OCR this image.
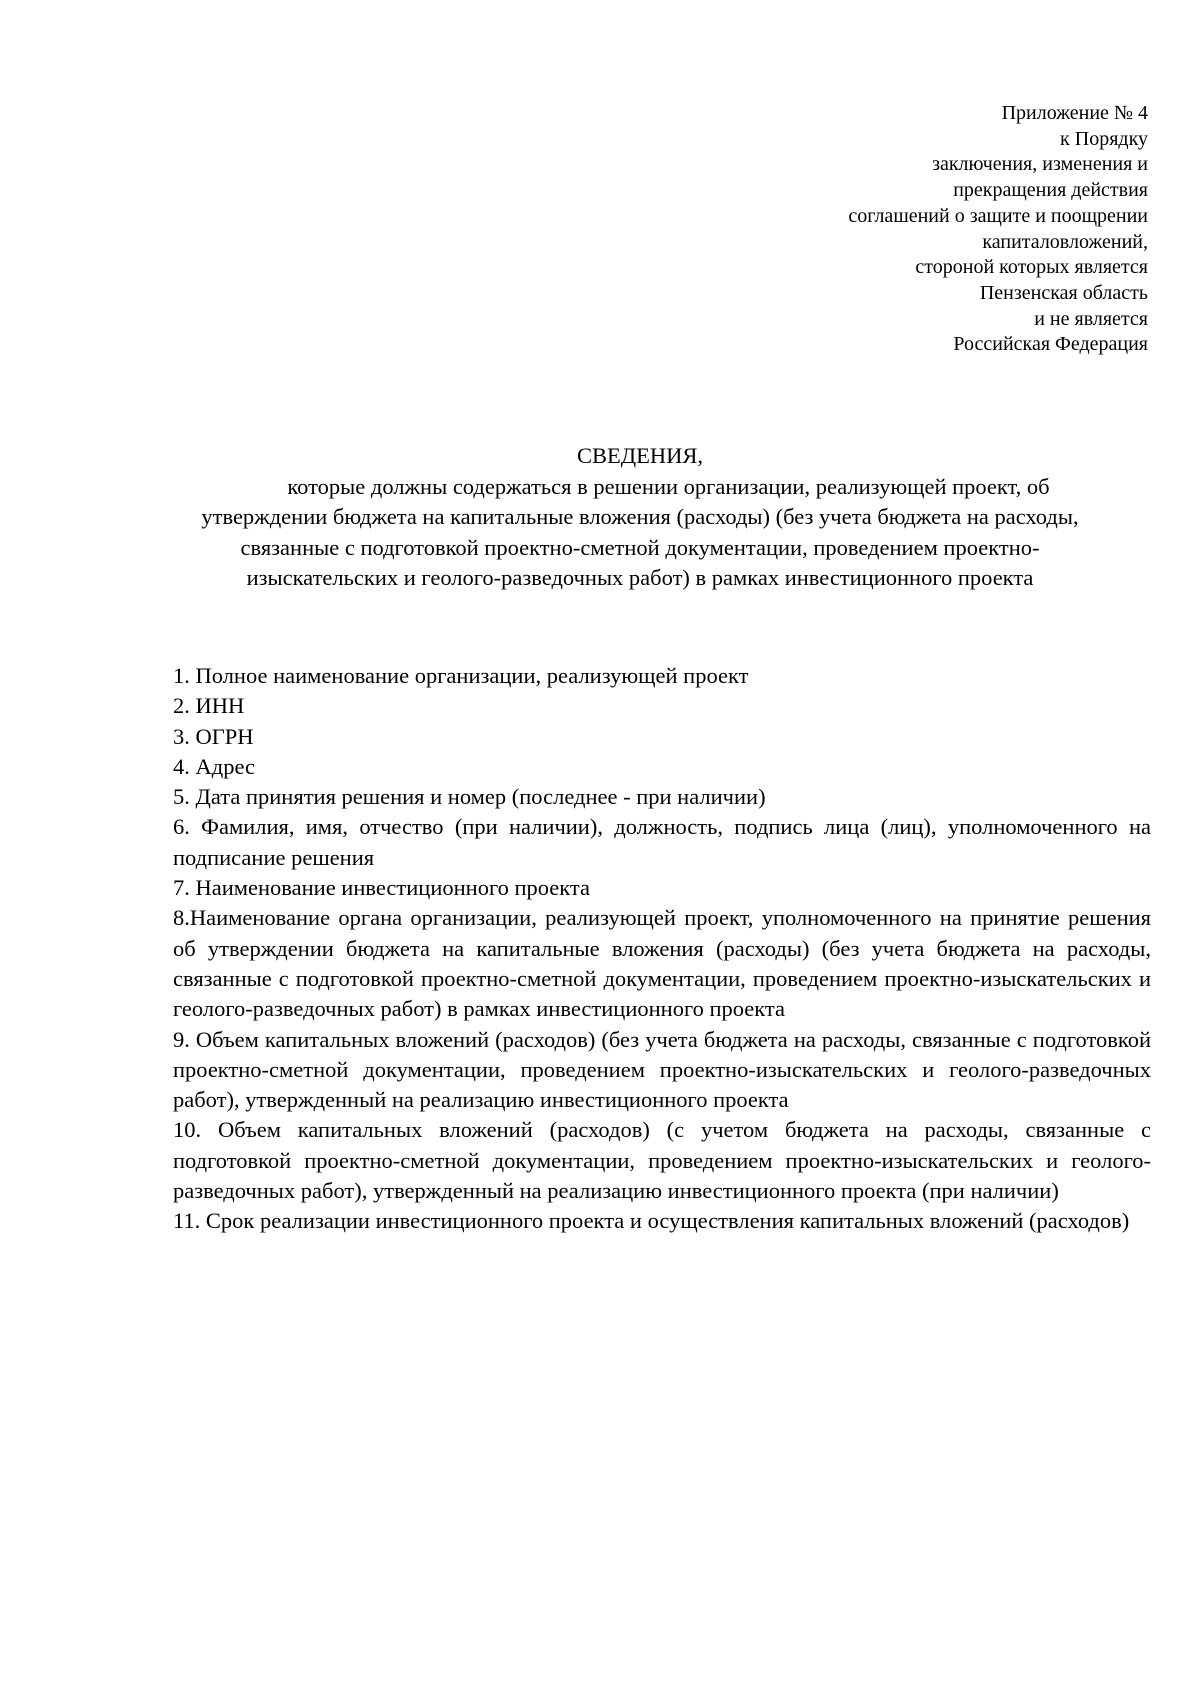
Приложение № 4
к Порядку
заключения, изменения и
прекращения действия
соглашений о защите и поощрении
капиталовложений,
стороной которых является
Пензенская область
и не является
Российская Федерация
СВЕДЕНИЯ,
которые должны содержаться в решении организации, реализующей проект, об утверждении бюджета на капитальные вложения (расходы) (без учета бюджета на расходы, связанные с подготовкой проектно-сметной документации, проведением проектно-изыскательских и геолого-разведочных работ) в рамках инвестиционного проекта

1. Полное наименование организации, реализующей проект

2. ИНН

3. ОГРН

4. Адрес

5. Дата принятия решения и номер (последнее - при наличии)

6. Фамилия, имя, отчество (при наличии), должность, подпись лица (лиц), уполномоченного на подписание решения

7. Наименование инвестиционного проекта

8.Наименование органа организации, реализующей проект, уполномоченного на принятие решения об утверждении бюджета на капитальные вложения (расходы) (без учета бюджета на расходы, связанные с подготовкой проектно-сметной документации, проведением проектно-изыскательских и геолого-разведочных работ) в рамках инвестиционного проекта

9. Объем капитальных вложений (расходов) (без учета бюджета на расходы, связанные с подготовкой проектно-сметной документации, проведением проектно-изыскательских и геолого-разведочных работ), утвержденный на реализацию инвестиционного проекта

10. Объем капитальных вложений (расходов) (с учетом бюджета на расходы, связанные с подготовкой проектно-сметной документации, проведением проектно-изыскательских и геолого-разведочных работ), утвержденный на реализацию инвестиционного проекта (при наличии)

11. Срок реализации инвестиционного проекта и осуществления капитальных вложений (расходов)
